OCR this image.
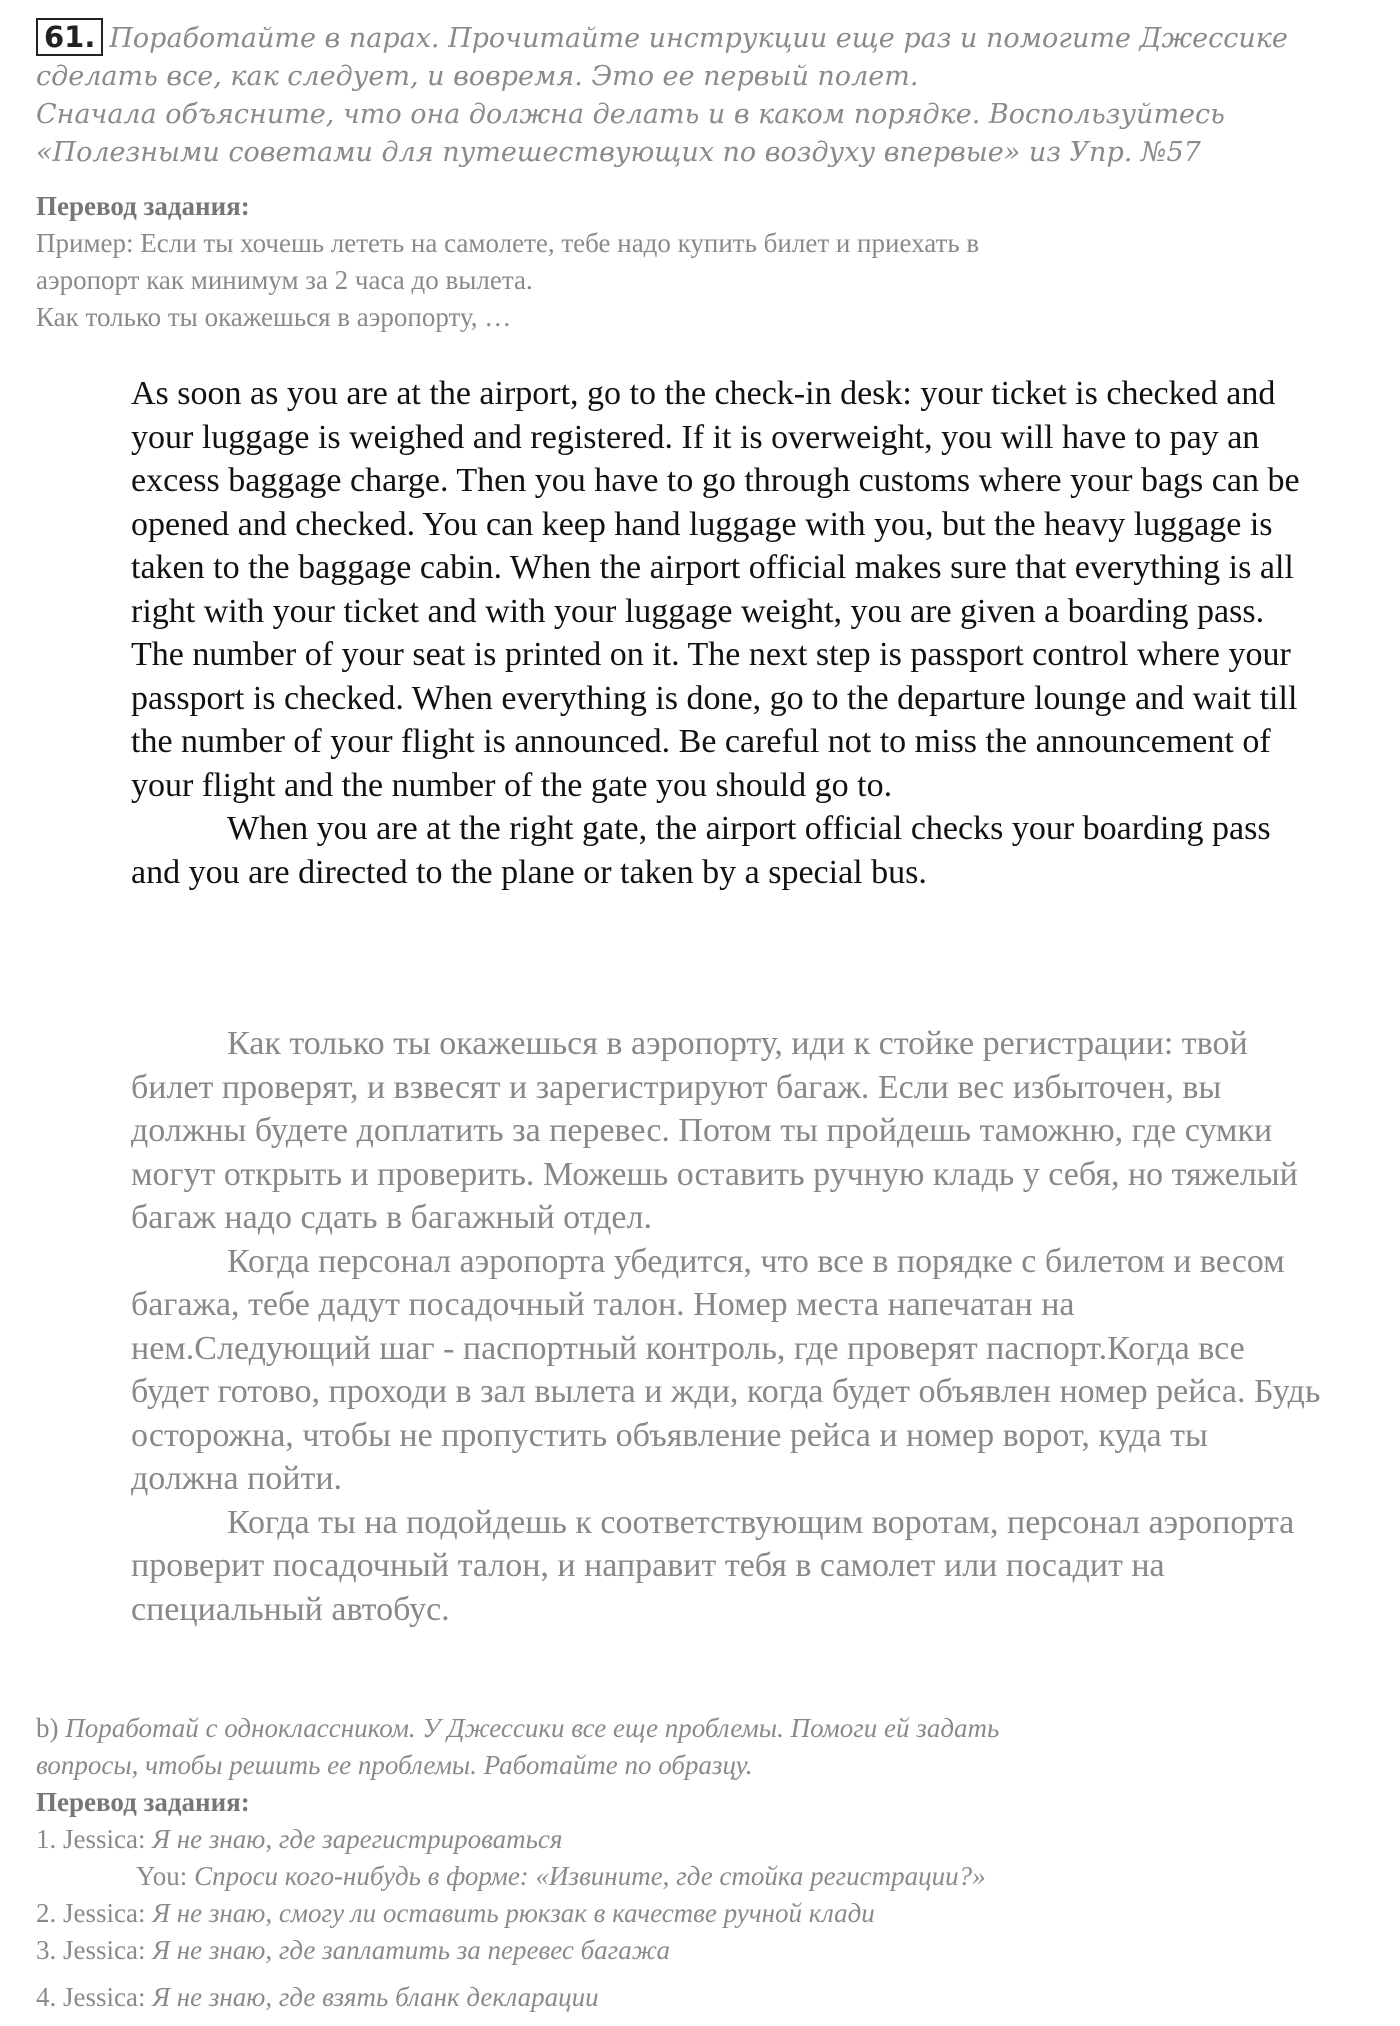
61. Поработайте в парах. Прочитайте инструкции еще раз и помогите Джессике
сделать все, как следует, и вовремя. Это ее первый полет.
Сначала объясните, что она должна делать и в каком порядке. Воспользуйтесь
«Полезными советами для путешествующих по воздуху впервые» из Упр. №57
Перевод задания:
Пример: Если ты хочешь лететь на самолете, тебе надо купить билет и приехать в
аэропорт как минимум за 2 часа до вылета.
Как только ты окажешься в аэропорту, …

As soon as you are at the airport, go to the check-in desk: your ticket is checked and your luggage is weighed and registered. If it is overweight, you will have to pay an excess baggage charge. Then you have to go through customs where your bags can be opened and checked. You can keep hand luggage with you, but the heavy luggage is taken to the baggage cabin. When the airport official makes sure that everything is all right with your ticket and with your luggage weight, you are given a boarding pass. The number of your seat is printed on it. The next step is passport control where your passport is checked. When everything is done, go to the departure lounge and wait till the number of your flight is announced. Be careful not to miss the announcement of your flight and the number of the gate you should go to.

When you are at the right gate, the airport official checks your boarding pass and you are directed to the plane or taken by a special bus.

Как только ты окажешься в аэропорту, иди к стойке регистрации: твой билет проверят, и взвесят и зарегистрируют багаж. Если вес избыточен, вы должны будете доплатить за перевес. Потом ты пройдешь таможню, где сумки могут открыть и проверить. Можешь оставить ручную кладь у себя, но тяжелый багаж надо сдать в багажный отдел.

Когда персонал аэропорта убедится, что все в порядке с билетом и весом багажа, тебе дадут посадочный талон. Номер места напечатан на нем.Следующий шаг - паспортный контроль, где проверят паспорт.Когда все будет готово, проходи в зал вылета и жди, когда будет объявлен номер рейса. Будь осторожна, чтобы не пропустить объявление рейса и номер ворот, куда ты должна пойти.

Когда ты на подойдешь к соответствующим воротам, персонал аэропорта проверит посадочный талон, и направит тебя в самолет или посадит на специальный автобус.

b) Поработай с одноклассником. У Джессики все еще проблемы. Помоги ей задать
вопросы, чтобы решить ее проблемы. Работайте по образцу.
Перевод задания:
1. Jessica: Я не знаю, где зарегистрироваться
You: Спроси кого-нибудь в форме: «Извините, где стойка регистрации?»
2. Jessica: Я не знаю, смогу ли оставить рюкзак в качестве ручной клади
3. Jessica: Я не знаю, где заплатить за перевес багажа
4. Jessica: Я не знаю, где взять бланк декларации
